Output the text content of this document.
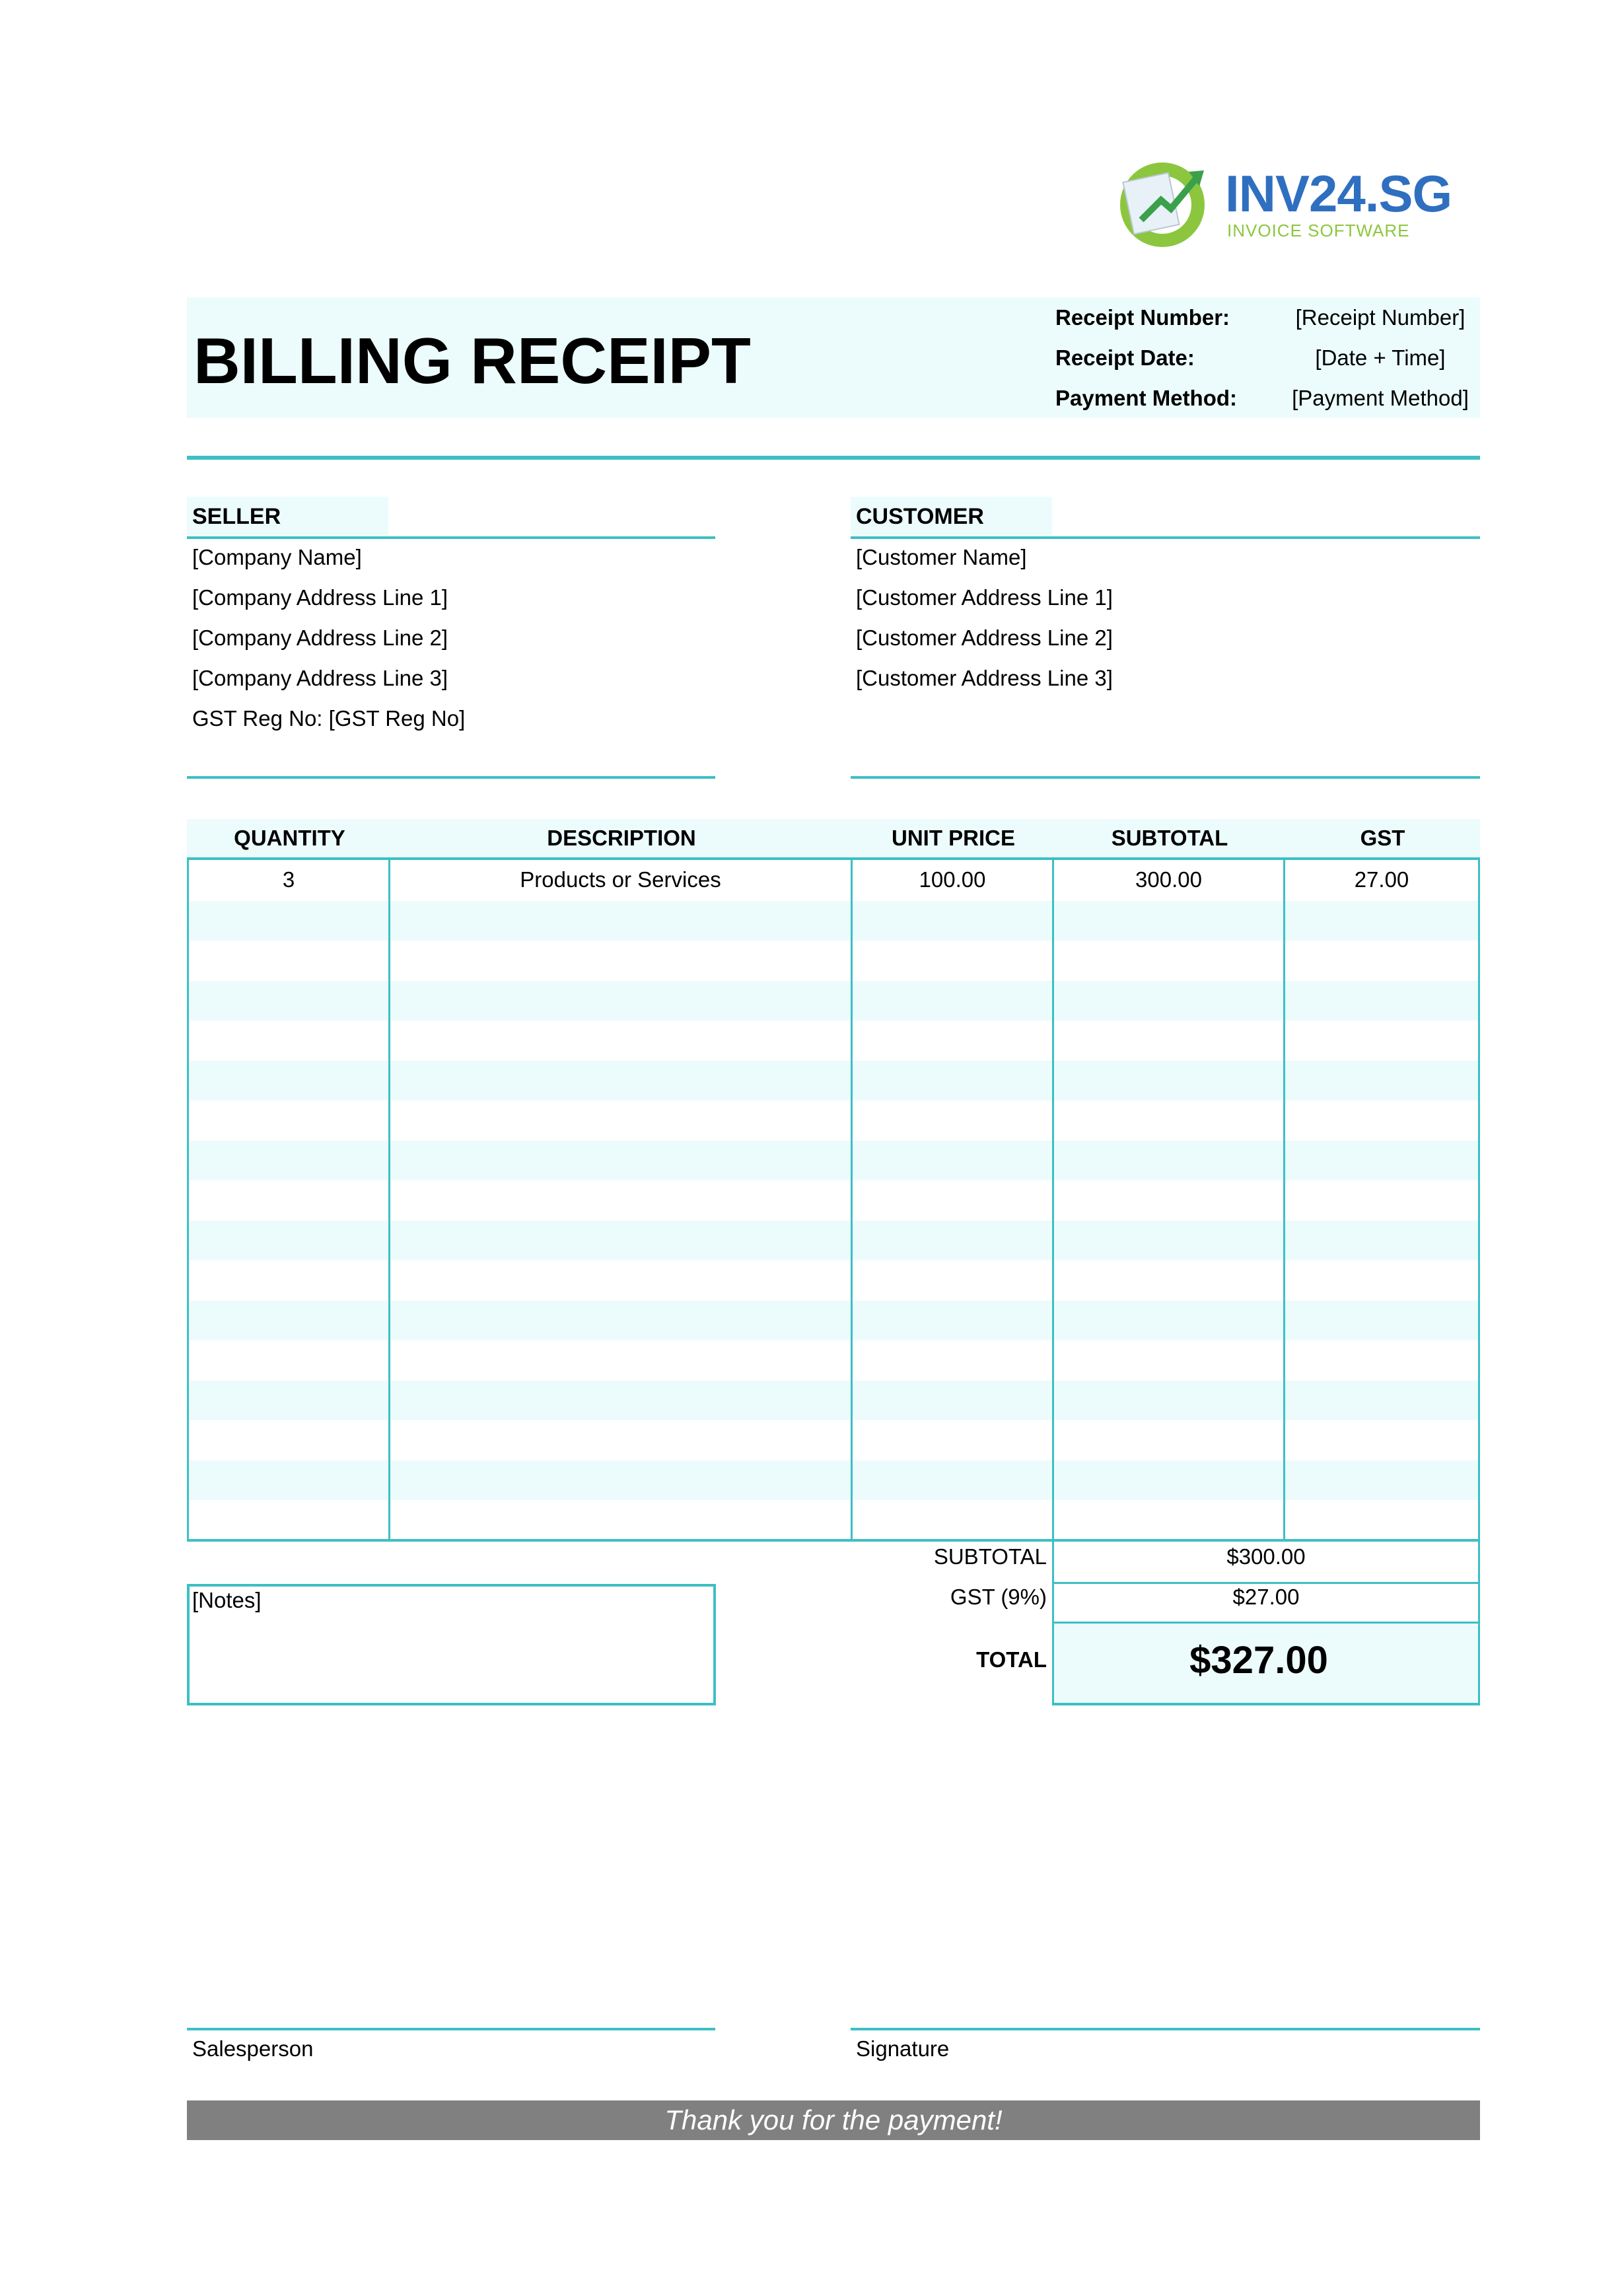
INV24.SG
INVOICE SOFTWARE
BILLING RECEIPT
Receipt Number:	[Receipt Number]
Receipt Date:	[Date + Time]
Payment Method:	[Payment Method]
SELLER
[Company Name]
[Company Address Line 1]
[Company Address Line 2]
[Company Address Line 3]
GST Reg No: [GST Reg No]
CUSTOMER
[Customer Name]
[Customer Address Line 1]
[Customer Address Line 2]
[Customer Address Line 3]
QUANTITY	DESCRIPTION	UNIT PRICE	SUBTOTAL	GST
3	Products or Services	100.00	300.00	27.00
SUBTOTAL	$300.00
GST (9%)	$27.00
TOTAL	$327.00
[Notes]
Salesperson	Signature
Thank you for the payment!
